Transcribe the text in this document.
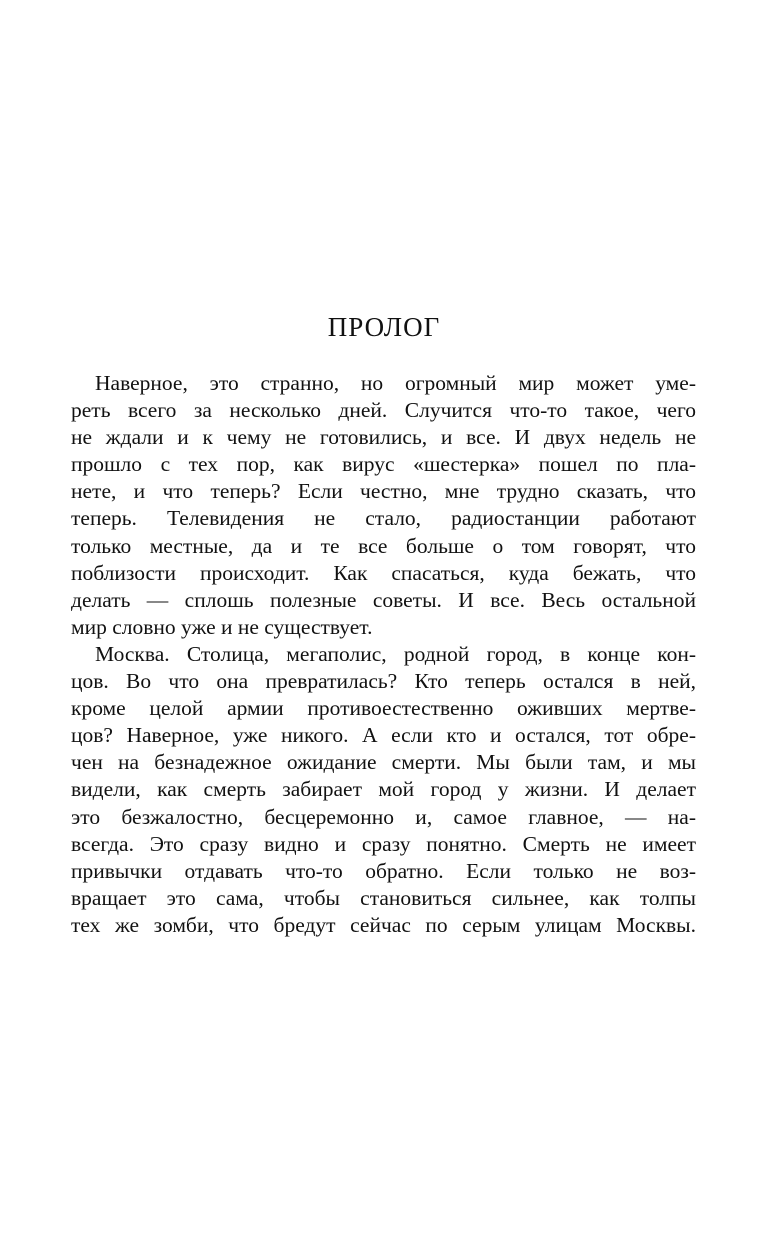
ПРОЛОГ
Наверное, это странно, но огромный мир может уме-
реть всего за несколько дней. Случится что-то такое, чего
не ждали и к чему не готовились, и все. И двух недель не
прошло с тех пор, как вирус «шестерка» пошел по пла-
нете, и что теперь? Если честно, мне трудно сказать, что
теперь. Телевидения не стало, радиостанции работают
только местные, да и те все больше о том говорят, что
поблизости происходит. Как спасаться, куда бежать, что
делать — сплошь полезные советы. И все. Весь остальной
мир словно уже и не существует.
Москва. Столица, мегаполис, родной город, в конце кон-
цов. Во что она превратилась? Кто теперь остался в ней,
кроме целой армии противоестественно оживших мертве-
цов? Наверное, уже никого. А если кто и остался, тот обре-
чен на безнадежное ожидание смерти. Мы были там, и мы
видели, как смерть забирает мой город у жизни. И делает
это безжалостно, бесцеремонно и, самое главное, — на-
всегда. Это сразу видно и сразу понятно. Смерть не имеет
привычки отдавать что-то обратно. Если только не воз-
вращает это сама, чтобы становиться сильнее, как толпы
тех же зомби, что бредут сейчас по серым улицам Москвы.
